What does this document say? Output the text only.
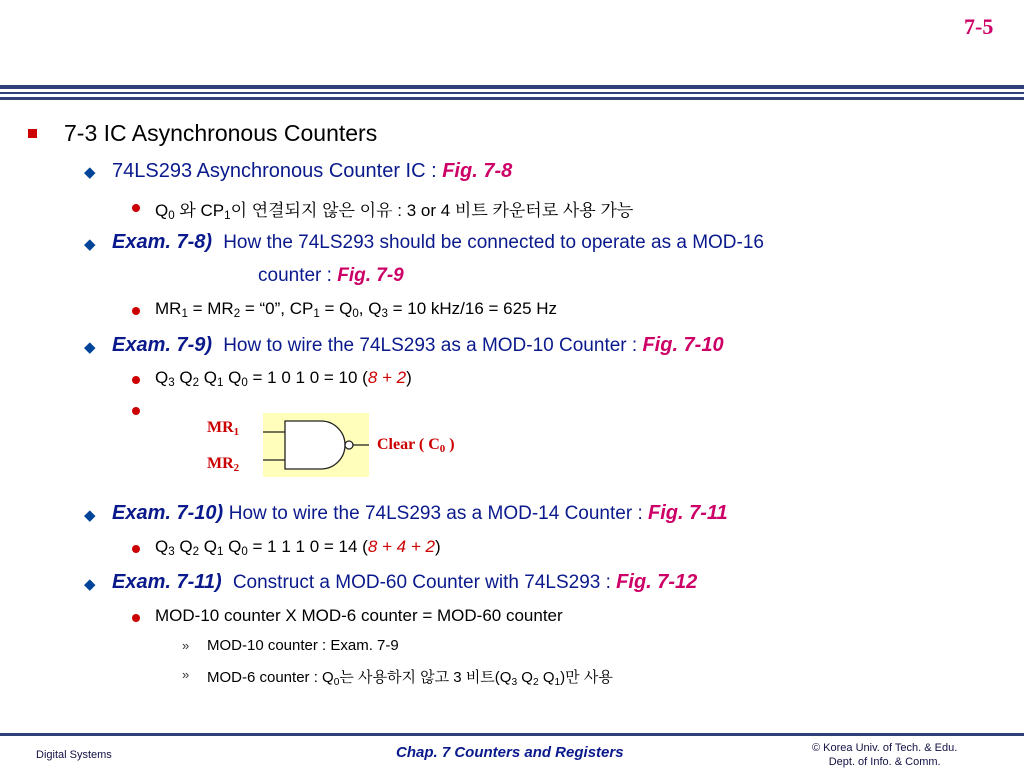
7-5
7-3 IC Asynchronous Counters
◆ 74LS293 Asynchronous Counter IC : Fig. 7-8
$Q_0$ 와 $CP_1$이 연결되지 않은 이유 : 3 or 4 비트 카운터로 사용 가능
◆ Exam. 7-8) How the 74LS293 should be connected to operate as a MOD-16
counter : Fig. 7-9
$MR_1 = MR_2$ = “0”, $CP_1 = Q_0$, $Q_3 = 10$ kHz/16 = 625 Hz
◆ Exam. 7-9) How to wire the 74LS293 as a MOD-10 Counter : Fig. 7-10
$Q_3$ $Q_2$ $Q_1$ $Q_0 = 1$ 0 1 0 = 10 (8 + 2)
$MR_1$
$MR_2$
Clear ( $C_0$ )
◆ Exam. 7-10) How to wire the 74LS293 as a MOD-14 Counter : Fig. 7-11
$Q_3$ $Q_2$ $Q_1$ $Q_0 = 1$ 1 1 0 = 14 (8 + 4 + 2)
◆ Exam. 7-11) Construct a MOD-60 Counter with 74LS293 : Fig. 7-12
MOD-10 counter X MOD-6 counter = MOD-60 counter
» MOD-10 counter : Exam. 7-9
» MOD-6 counter : $Q_0$는 사용하지 않고 3 비트($Q_3$ $Q_2$ $Q_1$)만 사용
Digital Systems	Chap. 7 Counters and Registers	© Korea Univ. of Tech. & Edu.
Dept. of Info. & Comm.
